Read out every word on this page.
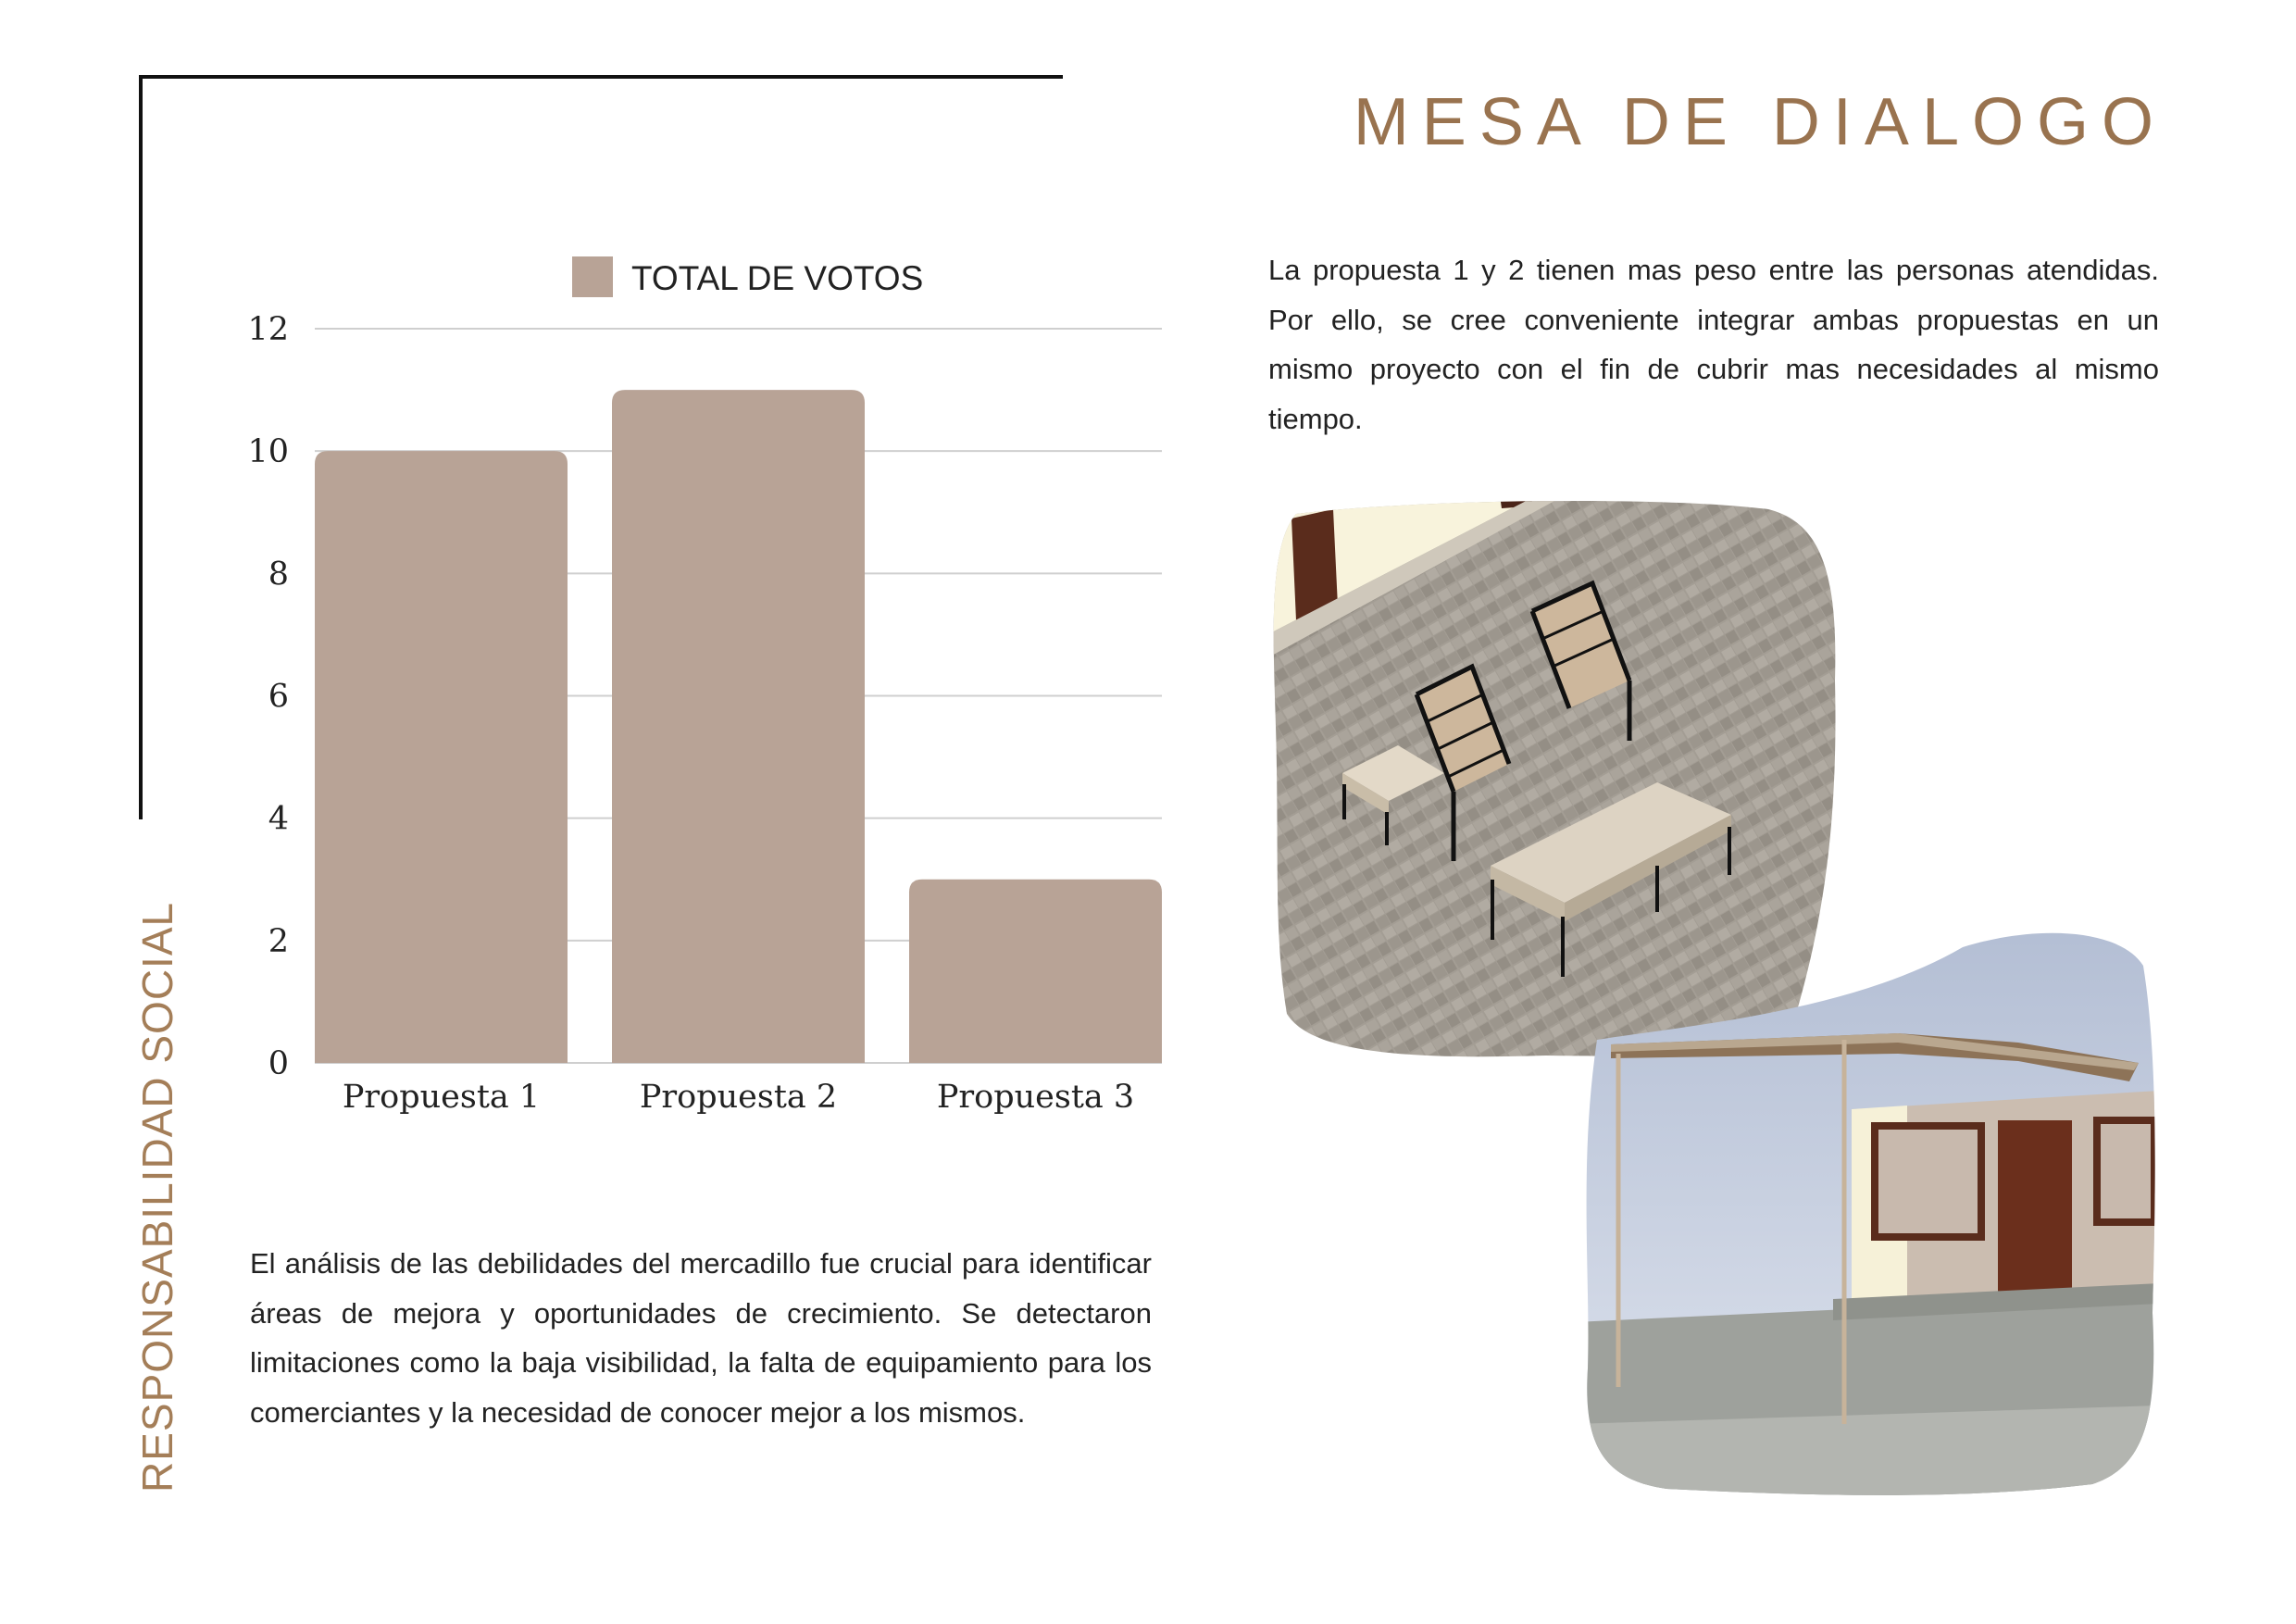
RESPONSABILIDAD SOCIAL
MESA DE DIALOGO
0
2
4
6
8
10
12
Propuesta 1	Propuesta 2	Propuesta 3
TOTAL DE VOTOS	La propuesta 1 y 2 tienen mas peso entre las personas atendidas. Por ello, se cree conveniente integrar ambas propuestas en un mismo proyecto con el fin de cubrir mas necesidades al mismo tiempo.

El análisis de las debilidades del mercadillo fue crucial para identificar áreas de mejora y oportunidades de crecimiento. Se detectaron limitaciones como la baja visibilidad, la falta de equipamiento para los comerciantes y la necesidad de conocer mejor a los mismos.
